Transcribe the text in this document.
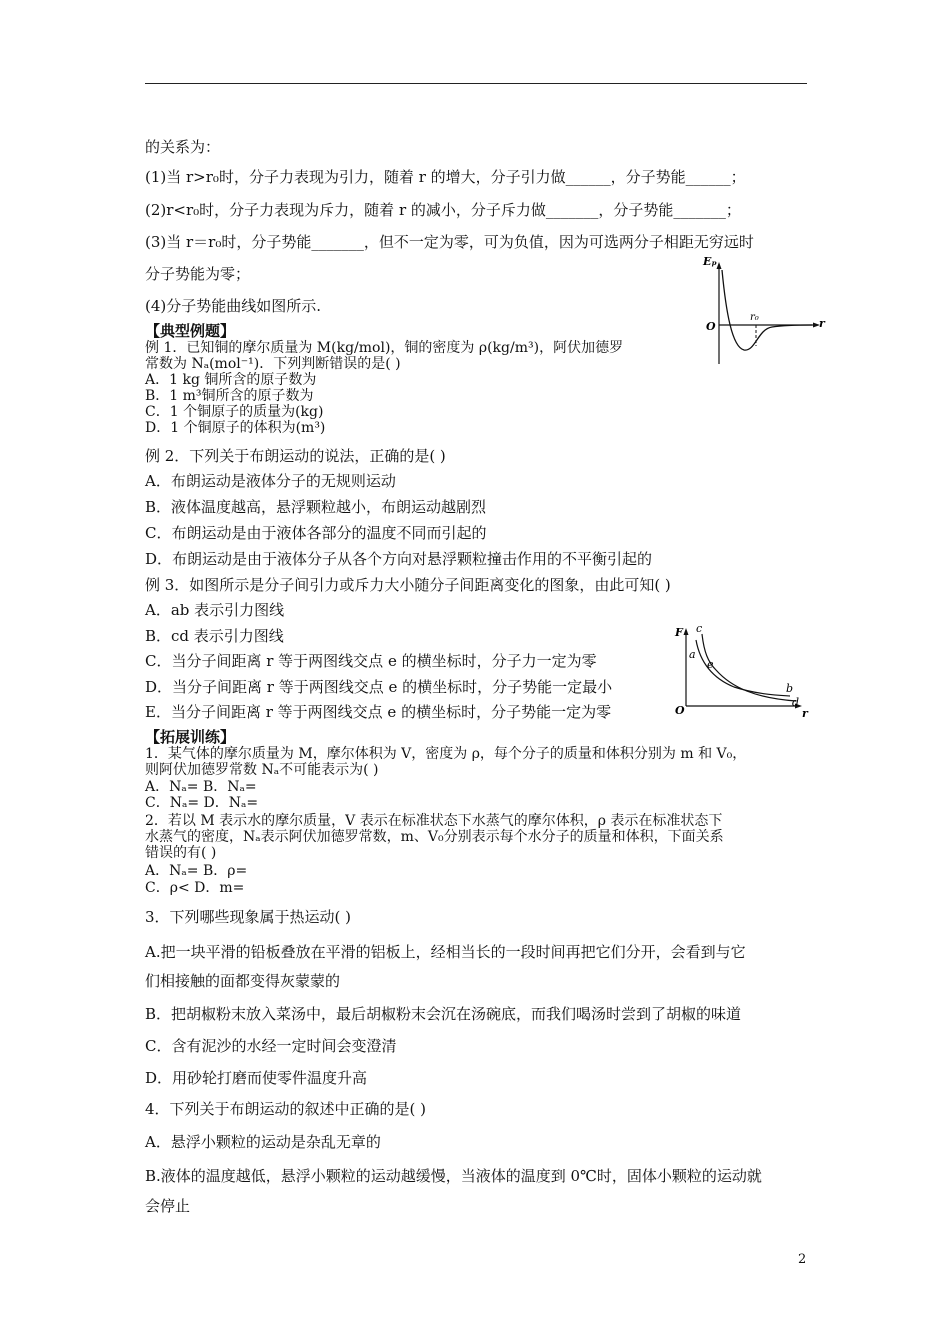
的关系为：
(1)当 r>r₀时，分子力表现为引力，随着 r 的增大，分子引力做______，分子势能______；
(2)r<r₀时，分子力表现为斥力，随着 r 的减小，分子斥力做_______，分子势能_______；
(3)当 r＝r₀时，分子势能_______，但不一定为零，可为负值，因为可选两分子相距无穷远时
分子势能为零；
(4)分子势能曲线如图所示.
【典型例题】
例 1．已知铜的摩尔质量为 M(kg/mol)，铜的密度为 ρ(kg/m³)，阿伏加德罗
常数为 Nₐ(mol⁻¹)．下列判断错误的是( )
A．1 kg 铜所含的原子数为
B．1 m³铜所含的原子数为
C．1 个铜原子的质量为(kg)
D．1 个铜原子的体积为(m³)
例 2．下列关于布朗运动的说法，正确的是( )
A．布朗运动是液体分子的无规则运动
B．液体温度越高，悬浮颗粒越小，布朗运动越剧烈
C．布朗运动是由于液体各部分的温度不同而引起的
D．布朗运动是由于液体分子从各个方向对悬浮颗粒撞击作用的不平衡引起的
例 3．如图所示是分子间引力或斥力大小随分子间距离变化的图象，由此可知( )
A．ab 表示引力图线
B．cd 表示引力图线
C．当分子间距离 r 等于两图线交点 e 的横坐标时，分子力一定为零
D．当分子间距离 r 等于两图线交点 e 的横坐标时，分子势能一定最小
E．当分子间距离 r 等于两图线交点 e 的横坐标时，分子势能一定为零
【拓展训练】
1．某气体的摩尔质量为 M，摩尔体积为 V，密度为 ρ，每个分子的质量和体积分别为 m 和 V₀，
则阿伏加德罗常数 Nₐ不可能表示为( )
A．Nₐ= B．Nₐ=
C．Nₐ= D．Nₐ=
2．若以 M 表示水的摩尔质量，V 表示在标准状态下水蒸气的摩尔体积，ρ 表示在标准状态下
水蒸气的密度，Nₐ表示阿伏加德罗常数，m、V₀分别表示每个水分子的质量和体积，下面关系
错误的有( )
A．Nₐ= B．ρ=
C．ρ< D．m=
3．下列哪些现象属于热运动( )
A.把一块平滑的铅板叠放在平滑的铝板上，经相当长的一段时间再把它们分开，会看到与它
们相接触的面都变得灰蒙蒙的
B．把胡椒粉末放入菜汤中，最后胡椒粉末会沉在汤碗底，而我们喝汤时尝到了胡椒的味道
C．含有泥沙的水经一定时间会变澄清
D．用砂轮打磨而使零件温度升高
4．下列关于布朗运动的叙述中正确的是( )
A．悬浮小颗粒的运动是杂乱无章的
B.液体的温度越低，悬浮小颗粒的运动越缓慢，当液体的温度到 0℃时，固体小颗粒的运动就
会停止
Eₚ
O
r₀	r
F c
a
e
b
d
O	r
2
